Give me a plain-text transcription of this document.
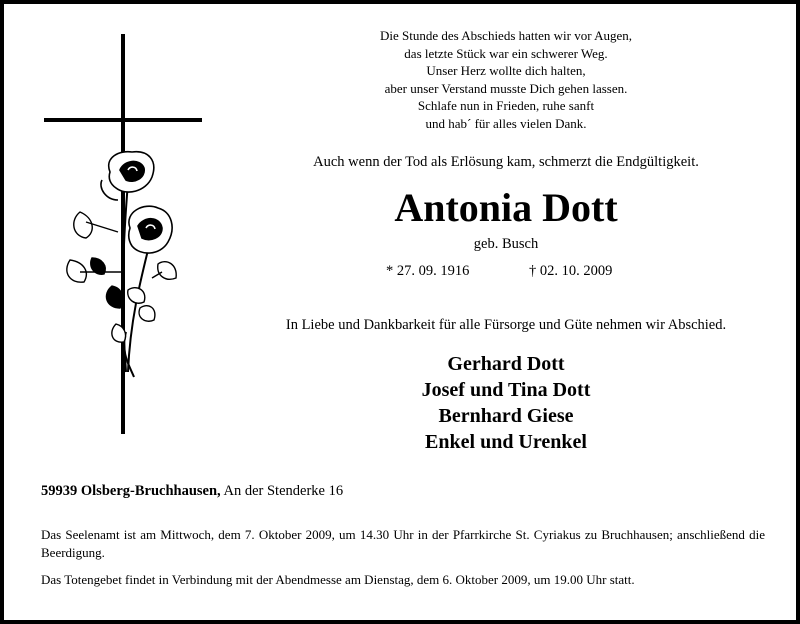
Die Stunde des Abschieds hatten wir vor Augen,
das letzte Stück war ein schwerer Weg.
Unser Herz wollte dich halten,
aber unser Verstand musste Dich gehen lassen.
Schlafe nun in Frieden, ruhe sanft
und hab´ für alles vielen Dank.
Auch wenn der Tod als Erlösung kam, schmerzt die Endgültigkeit.
Antonia Dott
geb. Busch
* 27. 09. 1916	† 02. 10. 2009
In Liebe und Dankbarkeit für alle Fürsorge und Güte nehmen wir Abschied.
Gerhard Dott
Josef und Tina Dott
Bernhard Giese
Enkel und Urenkel
59939 Olsberg-Bruchhausen, An der Stenderke 16
Das Seelenamt ist am Mittwoch, dem 7. Oktober 2009, um 14.30 Uhr in der Pfarrkirche St. Cyriakus zu Bruchhausen; anschließend die Beerdigung.
Das Totengebet findet in Verbindung mit der Abendmesse am Dienstag, dem 6. Oktober 2009, um 19.00 Uhr statt.
